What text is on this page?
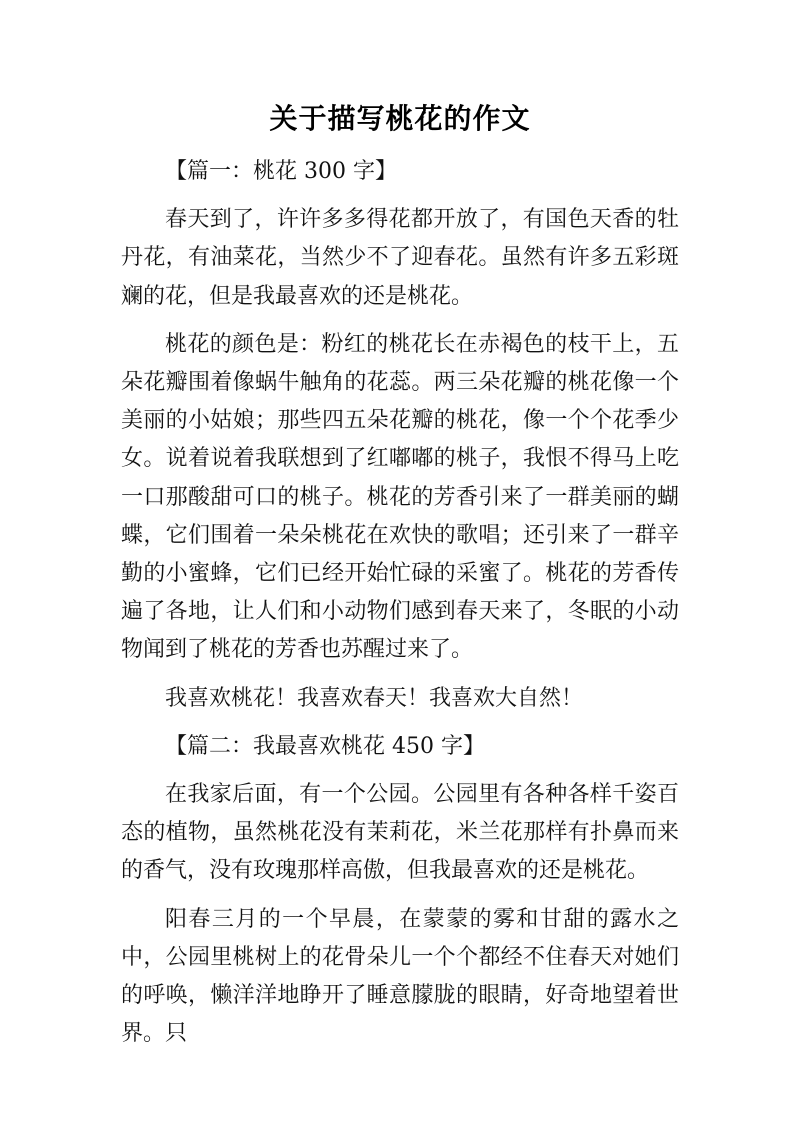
关于描写桃花的作文

【篇一：桃花 300 字】

春天到了，许许多多得花都开放了，有国色天香的牡丹花，有油菜花，当然少不了迎春花。虽然有许多五彩斑斓的花，但是我最喜欢的还是桃花。

桃花的颜色是：粉红的桃花长在赤褐色的枝干上，五朵花瓣围着像蜗牛触角的花蕊。两三朵花瓣的桃花像一个美丽的小姑娘；那些四五朵花瓣的桃花，像一个个花季少女。说着说着我联想到了红嘟嘟的桃子，我恨不得马上吃一口那酸甜可口的桃子。桃花的芳香引来了一群美丽的蝴蝶，它们围着一朵朵桃花在欢快的歌唱；还引来了一群辛勤的小蜜蜂，它们已经开始忙碌的采蜜了。桃花的芳香传遍了各地，让人们和小动物们感到春天来了，冬眠的小动物闻到了桃花的芳香也苏醒过来了。

我喜欢桃花！我喜欢春天！我喜欢大自然！

【篇二：我最喜欢桃花 450 字】

在我家后面，有一个公园。公园里有各种各样千姿百态的植物，虽然桃花没有茉莉花，米兰花那样有扑鼻而来的香气，没有玫瑰那样高傲，但我最喜欢的还是桃花。

阳春三月的一个早晨，在蒙蒙的雾和甘甜的露水之中，公园里桃树上的花骨朵儿一个个都经不住春天对她们的呼唤，懒洋洋地睁开了睡意朦胧的眼睛，好奇地望着世界。只
